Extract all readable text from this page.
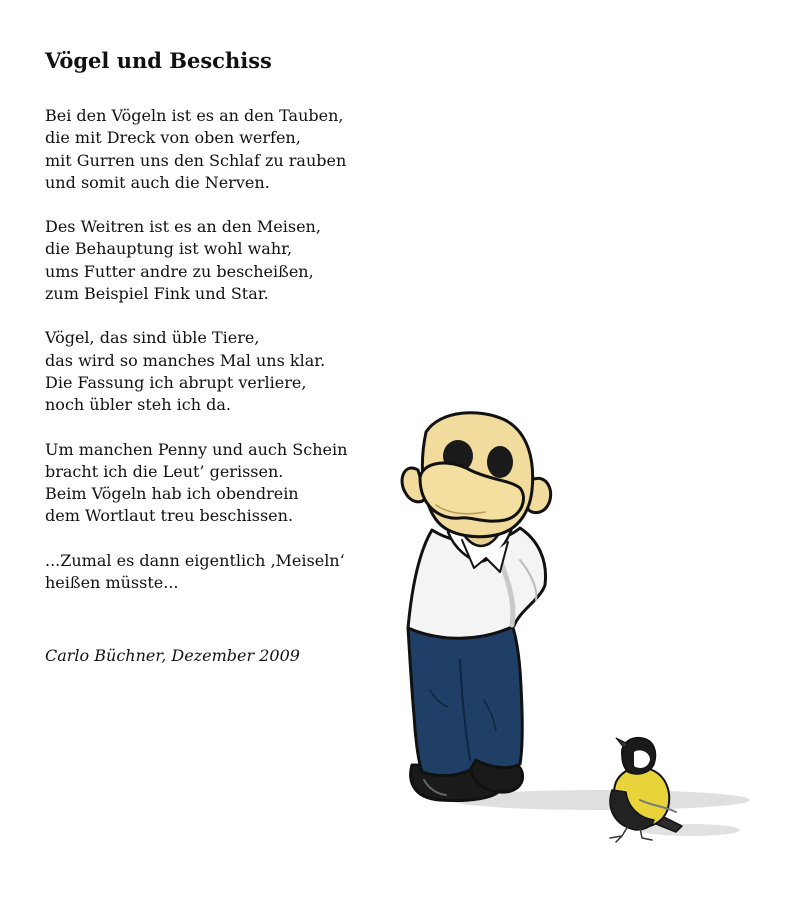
Vögel und Beschiss
Bei den Vögeln ist es an den Tauben,
die mit Dreck von oben werfen,
mit Gurren uns den Schlaf zu rauben
und somit auch die Nerven.
Des Weitren ist es an den Meisen,
die Behauptung ist wohl wahr,
ums Futter andre zu bescheißen,
zum Beispiel Fink und Star.
Vögel, das sind üble Tiere,
das wird so manches Mal uns klar.
Die Fassung ich abrupt verliere,
noch übler steh ich da.
Um manchen Penny und auch Schein
bracht ich die Leut’ gerissen.
Beim Vögeln hab ich obendrein
dem Wortlaut treu beschissen.
...Zumal es dann eigentlich ‚Meiseln‘
heißen müsste...
Carlo Büchner, Dezember 2009
